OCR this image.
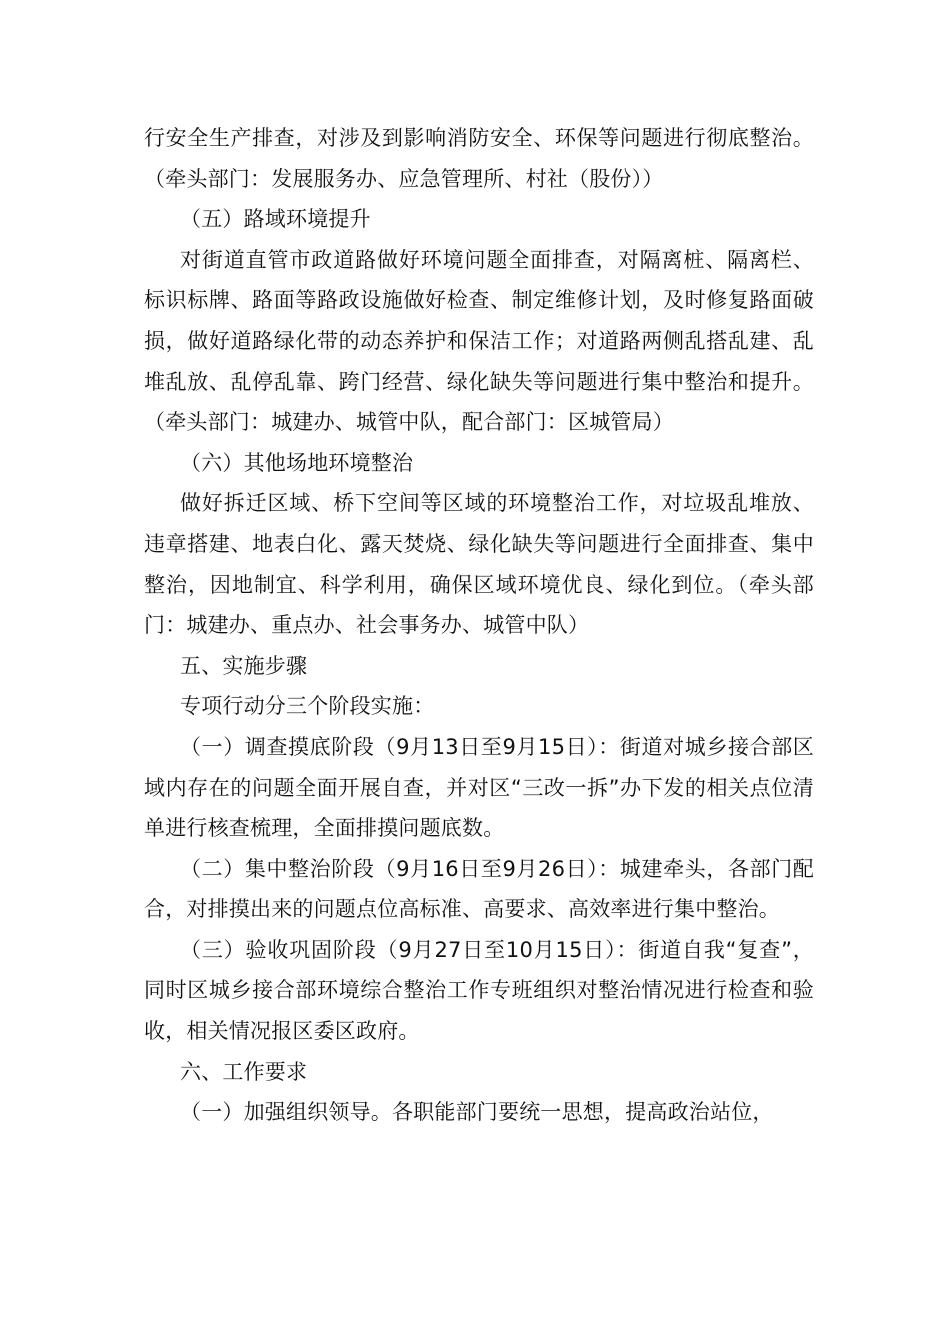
行安全生产排查，对涉及到影响消防安全、环保等问题进行彻底整治。（牵头部门：发展服务办、应急管理所、村社（股份））

（五）路域环境提升

对街道直管市政道路做好环境问题全面排查，对隔离桩、隔离栏、标识标牌、路面等路政设施做好检查、制定维修计划，及时修复路面破损，做好道路绿化带的动态养护和保洁工作；对道路两侧乱搭乱建、乱堆乱放、乱停乱靠、跨门经营、绿化缺失等问题进行集中整治和提升。（牵头部门：城建办、城管中队，配合部门：区城管局）

（六）其他场地环境整治

做好拆迁区域、桥下空间等区域的环境整治工作，对垃圾乱堆放、违章搭建、地表白化、露天焚烧、绿化缺失等问题进行全面排查、集中整治，因地制宜、科学利用，确保区域环境优良、绿化到位。（牵头部门：城建办、重点办、社会事务办、城管中队）

五、实施步骤

专项行动分三个阶段实施：

（一）调查摸底阶段（9月13日至9月15日）：街道对城乡接合部区域内存在的问题全面开展自查，并对区“三改一拆”办下发的相关点位清单进行核查梳理，全面排摸问题底数。

（二）集中整治阶段（9月16日至9月26日）：城建牵头，各部门配合，对排摸出来的问题点位高标准、高要求、高效率进行集中整治。

（三）验收巩固阶段（9月27日至10月15日）：街道自我“复查”，同时区城乡接合部环境综合整治工作专班组织对整治情况进行检查和验收，相关情况报区委区政府。

六、工作要求

（一）加强组织领导。各职能部门要统一思想，提高政治站位，
